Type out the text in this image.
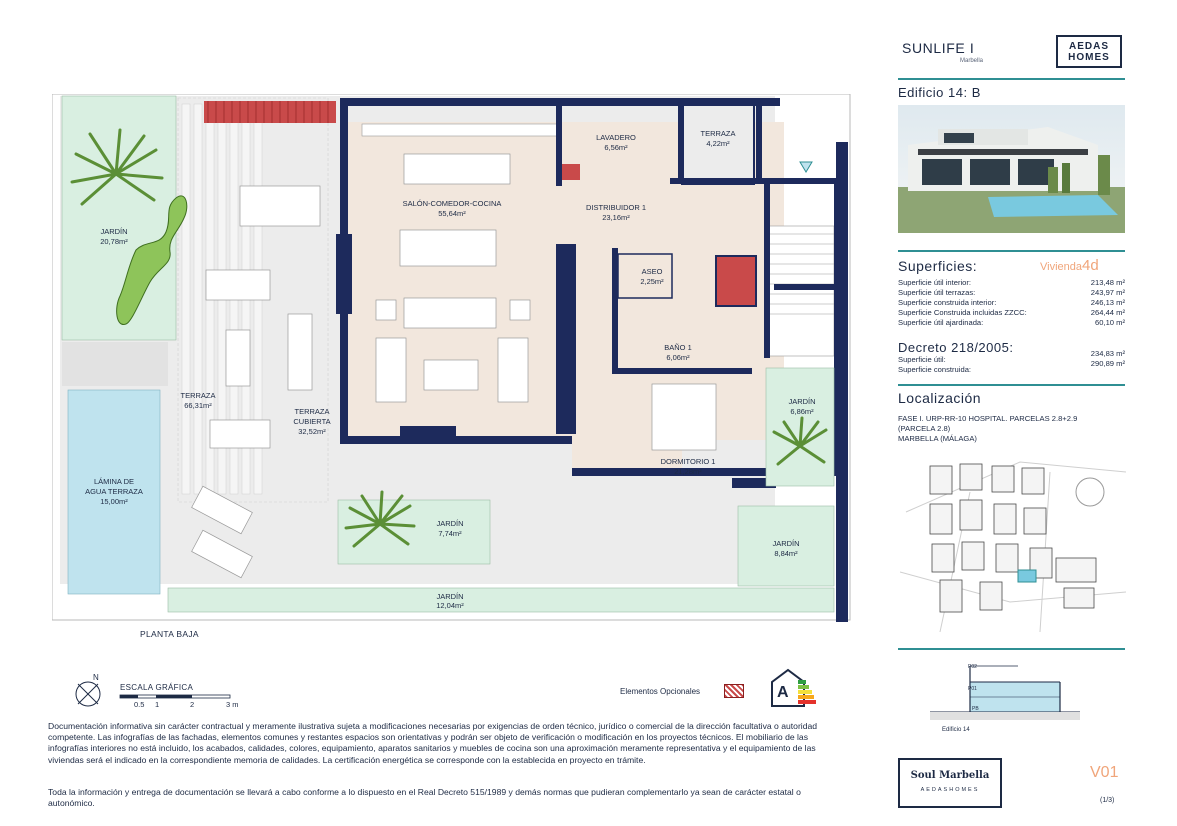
SALÓN-COMEDOR-COCINA
55,64m²
LAVADERO
6,56m²
TERRAZA
4,22m²
DISTRIBUIDOR 1
23,16m²
ASEO
2,25m²
BAÑO 1
6,06m²
DORMITORIO 1
21,28m²
JARDÍN
20,78m²
TERRAZA
66,31m²
TERRAZA
CUBIERTA
32,52m²
LÁMINA DE
AGUA TERRAZA
15,00m²
JARDÍN
7,74m²
JARDÍN
6,86m²
JARDÍN
8,84m²
JARDÍN
12,04m²
PLANTA BAJA
N
ESCALA GRÁFICA
0.5 1	2	3 m
Elementos Opcionales	A
Documentación informativa sin carácter contractual y meramente ilustrativa sujeta a modificaciones necesarias por exigencias de orden técnico, jurídico o comercial de la dirección facultativa o autoridad competente. Las infografías de las fachadas, elementos comunes y restantes espacios son orientativas y podrán ser objeto de verificación o modificación en los proyectos técnicos. El mobiliario de las infografías interiores no está incluido, los acabados, calidades, colores, equipamiento, aparatos sanitarios y muebles de cocina son una aproximación meramente representativa y el equipamiento de las viviendas será el indicado en la correspondiente memoria de calidades. La certificación energética se corresponde con la establecida en proyecto en trámite.
Toda la información y entrega de documentación se llevará a cabo conforme a lo dispuesto en el Real Decreto 515/1989 y demás normas que pudieran complementarlo ya sean de carácter estatal o autonómico.
SUNLIFE I
Marbella
AEDAS
HOMES
Edificio 14: B
Superficies:	Vivienda4d
Superficie útil interior:	213,48 m²
Superficie útil terrazas:	243,97 m²
Superficie construida interior:	246,13 m²
Superficie Construida incluidas ZZCC:	264,44 m²
Superficie útil ajardinada:	60,10 m²
Decreto 218/2005:
Superficie útil:
234,83 m²
Superficie construida:
290,89 m²
Localización
FASE I. URP-RR-10 HOSPITAL. PARCELAS 2.8+2.9
(PARCELA 2.8)
MARBELLA (MÁLAGA)
P02
P01
PB
Edificio 14
Soul Marbella
AEDASHOMES
V01
(1/3)
